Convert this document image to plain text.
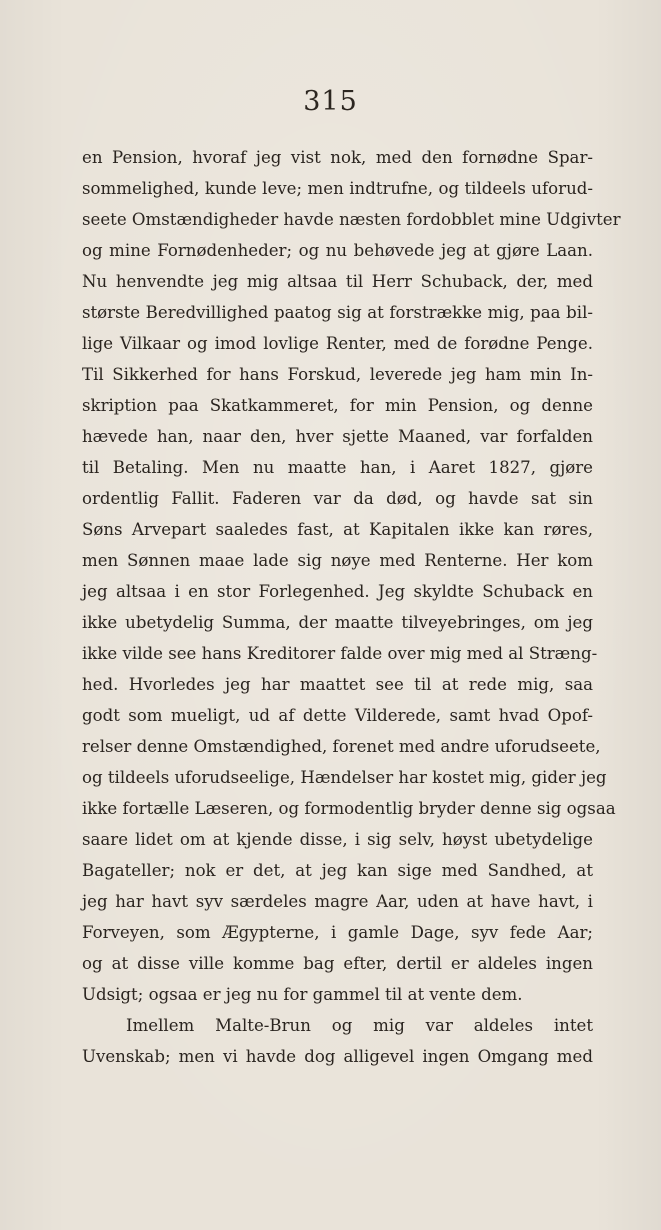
315
en Pension, hvoraf jeg vist nok, med den fornødne Spar-
sommelighed, kunde leve; men indtrufne, og tildeels uforud-
seete Omstændigheder havde næsten fordobblet mine Udgivter
og mine Fornødenheder; og nu behøvede jeg at gjøre Laan.
Nu henvendte jeg mig altsaa til Herr Schuback, der, med
største Beredvillighed paatog sig at forstrække mig, paa bil-
lige Vilkaar og imod lovlige Renter, med de forødne Penge.
Til Sikkerhed for hans Forskud, leverede jeg ham min In-
skription paa Skatkammeret, for min Pension, og denne
hævede han, naar den, hver sjette Maaned, var forfalden
til Betaling. Men nu maatte han, i Aaret 1827, gjøre
ordentlig Fallit. Faderen var da død, og havde sat sin
Søns Arvepart saaledes fast, at Kapitalen ikke kan røres,
men Sønnen maae lade sig nøye med Renterne. Her kom
jeg altsaa i en stor Forlegenhed. Jeg skyldte Schuback en
ikke ubetydelig Summa, der maatte tilveyebringes, om jeg
ikke vilde see hans Kreditorer falde over mig med al Stræng-
hed. Hvorledes jeg har maattet see til at rede mig, saa
godt som mueligt, ud af dette Vilderede, samt hvad Opof-
relser denne Omstændighed, forenet med andre uforudseete,
og tildeels uforudseelige, Hændelser har kostet mig, gider jeg
ikke fortælle Læseren, og formodentlig bryder denne sig ogsaa
saare lidet om at kjende disse, i sig selv, høyst ubetydelige
Bagateller; nok er det, at jeg kan sige med Sandhed, at
jeg har havt syv særdeles magre Aar, uden at have havt, i
Forveyen, som Ægypterne, i gamle Dage, syv fede Aar;
og at disse ville komme bag efter, dertil er aldeles ingen
Udsigt; ogsaa er jeg nu for gammel til at vente dem.
Imellem Malte-Brun og mig var aldeles intet
Uvenskab; men vi havde dog alligevel ingen Omgang med
